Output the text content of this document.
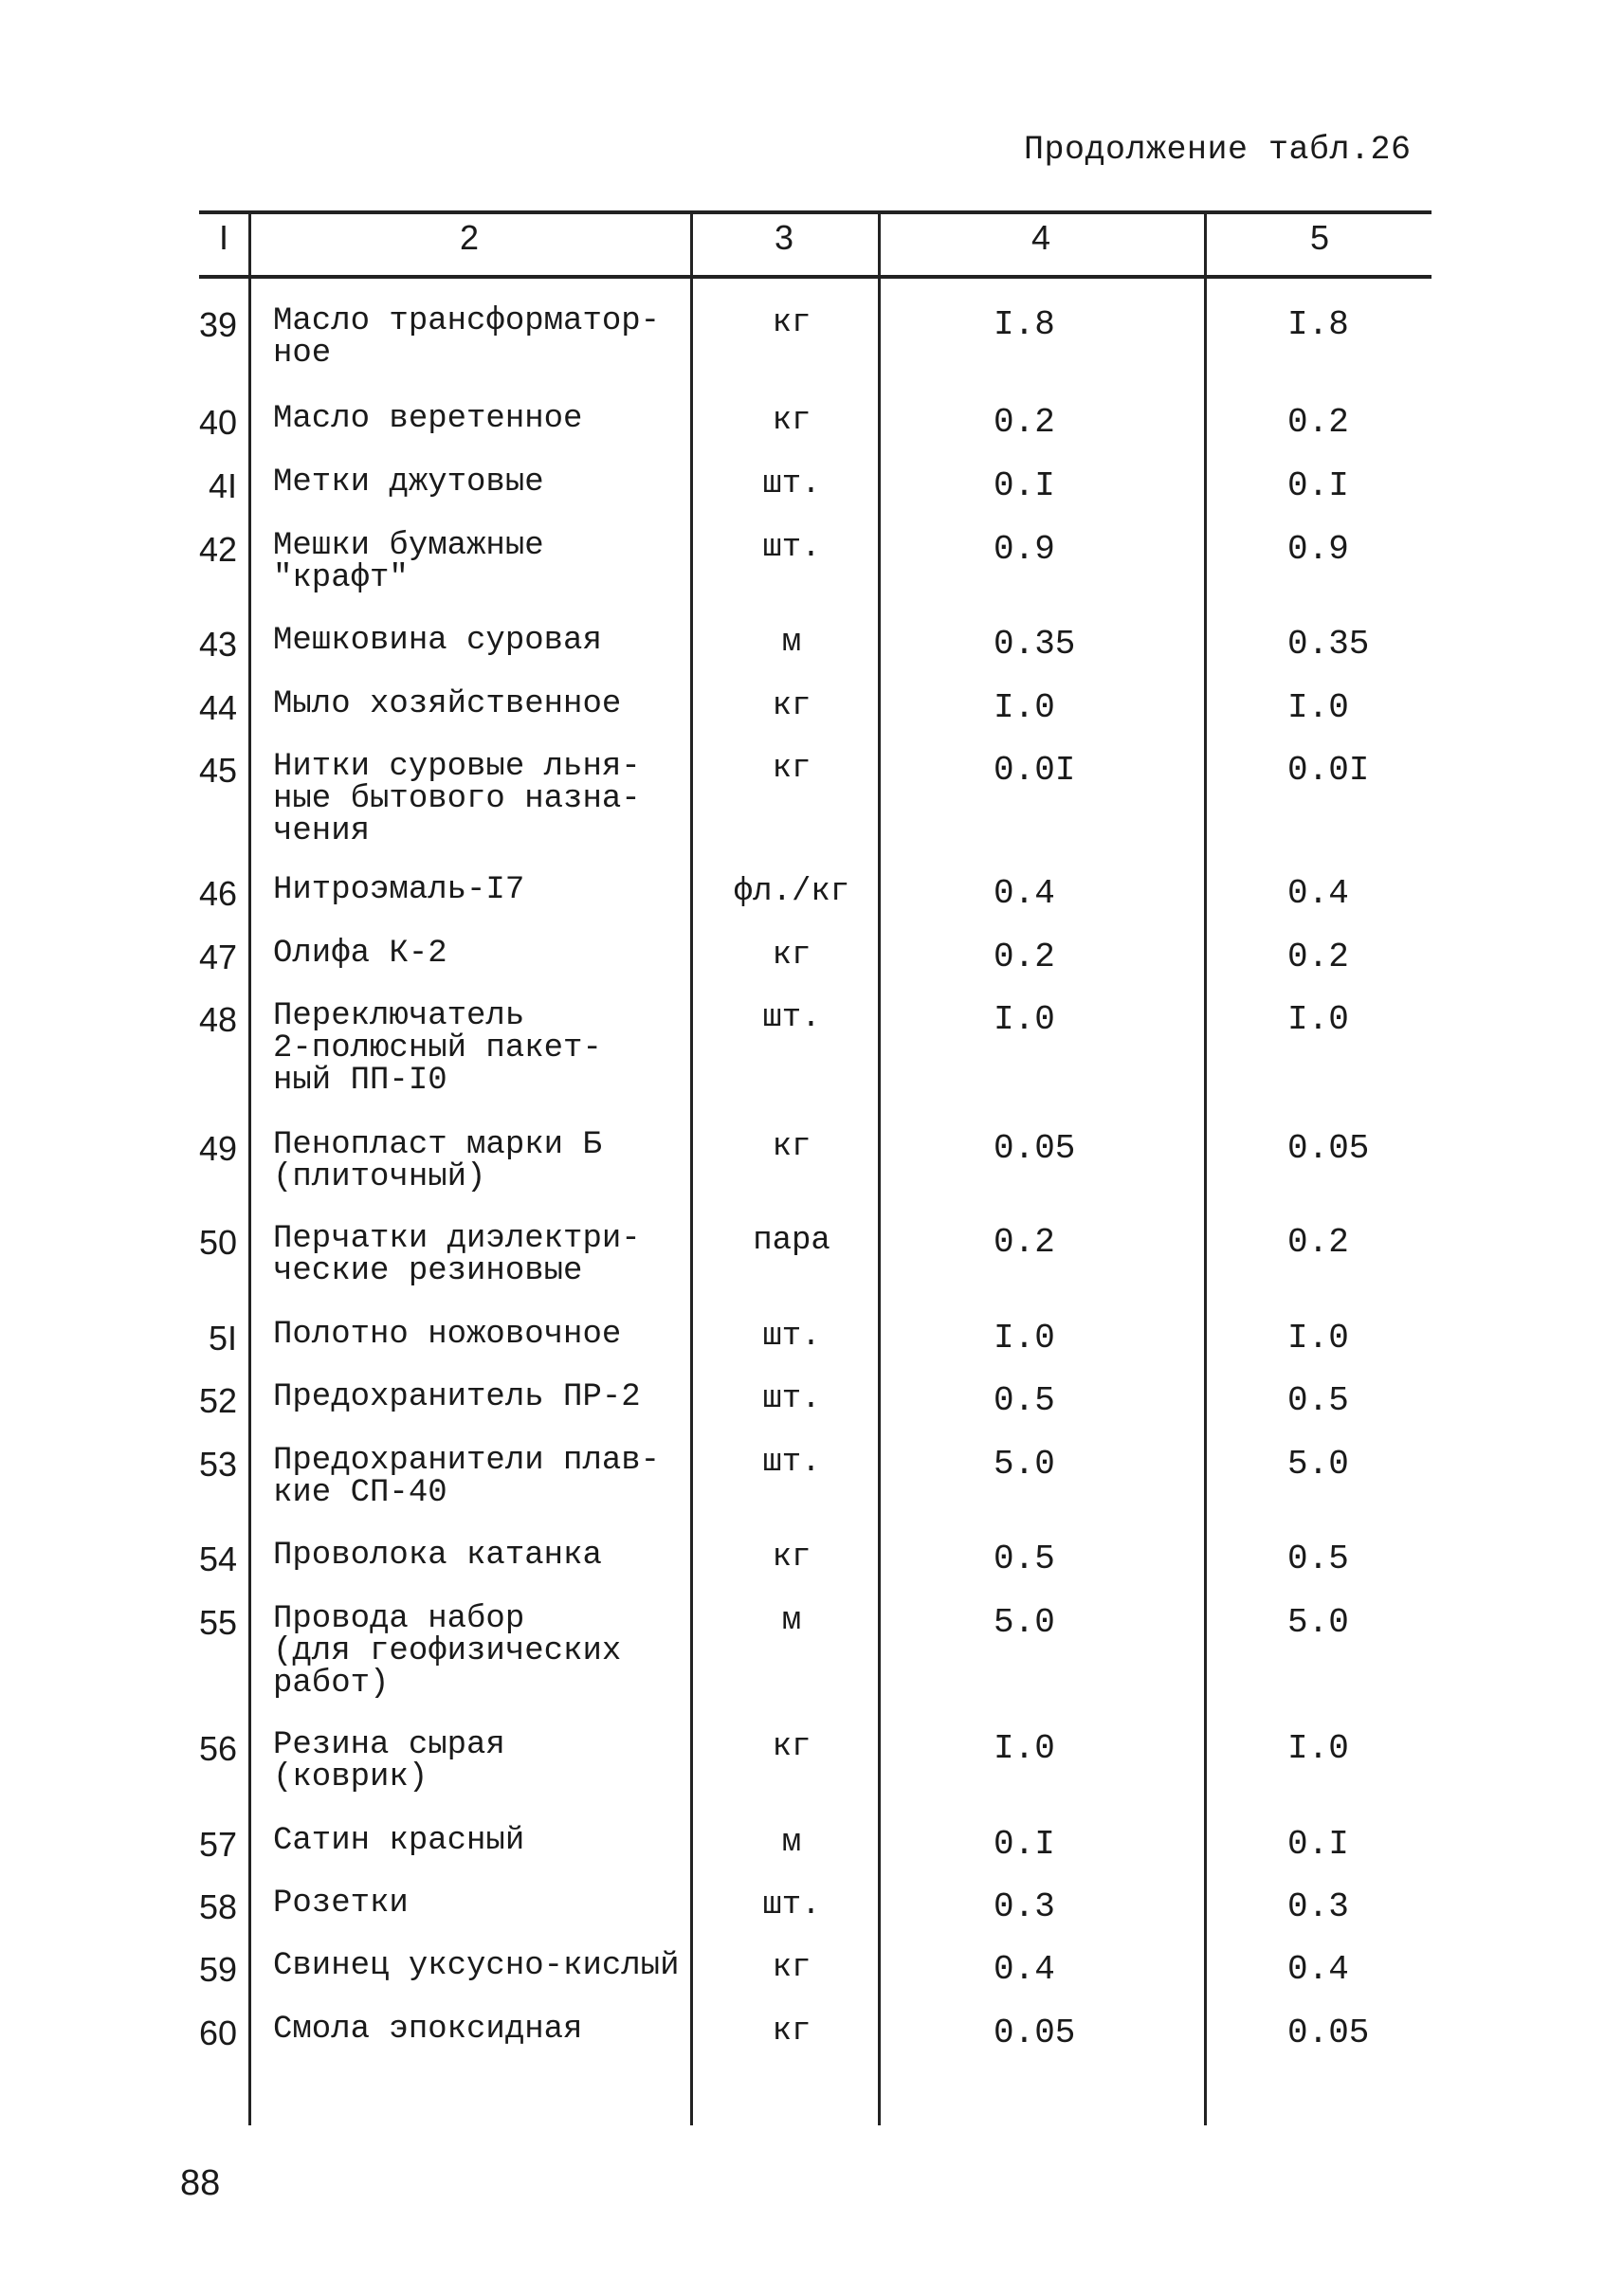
Продолжение табл.26
I	2	3	4	5
39 Масло трансформатор-
ное
кг	I.8	I.8
40 Масло веретенное	кг	0.2	0.2
4I Метки джутовые	шт.	0.I	0.I
42 Мешки бумажные
"крафт"
шт.	0.9	0.9
43 Мешковина суровая	м	0.35	0.35
44 Мыло хозяйственное	кг	I.0	I.0
45 Нитки суровые льня-
ные бытового назна-
чения
кг	0.0I	0.0I
46 Нитроэмаль-I7	фл./кг	0.4	0.4
47 Олифа К-2	кг	0.2	0.2
48 Переключатель
2-полюсный пакет-
ный ПП-I0
шт.	I.0	I.0
49 Пенопласт марки Б
(плиточный)
кг	0.05	0.05
50 Перчатки диэлектри-
ческие резиновые
пара	0.2	0.2
5I Полотно ножовочное	шт.	I.0	I.0
52 Предохранитель ПР-2	шт.	0.5	0.5
53 Предохранители плав-
кие СП-40
шт.	5.0	5.0
54 Проволока катанка	кг	0.5	0.5
55 Провода набор
(для геофизических
работ)
м	5.0	5.0
56 Резина сырая
(коврик)
кг	I.0	I.0
57 Сатин красный	м	0.I	0.I
58 Розетки	шт.	0.3	0.3
59 Свинец уксусно-кислый	кг	0.4	0.4
60 Смола эпоксидная	кг	0.05	0.05
88
